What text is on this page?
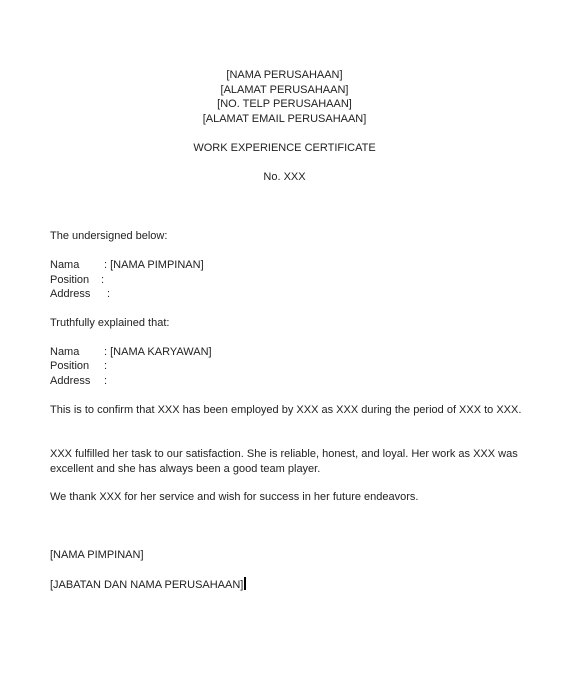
[NAMA PERUSAHAAN]
[ALAMAT PERUSAHAAN]
[NO. TELP PERUSAHAAN]
[ALAMAT EMAIL PERUSAHAAN]
WORK EXPERIENCE CERTIFICATE
No. XXX
The undersigned below:
Nama : [NAMA PIMPINAN]
Position :
Address :
Truthfully explained that:
Nama : [NAMA KARYAWAN]
Position :
Address :
This is to confirm that XXX has been employed by XXX as XXX during the period of XXX to XXX.
XXX fulfilled her task to our satisfaction. She is reliable, honest, and loyal. Her work as XXX was excellent and she has always been a good team player.
We thank XXX for her service and wish for success in her future endeavors.
[NAMA PIMPINAN]
[JABATAN DAN NAMA PERUSAHAAN]
